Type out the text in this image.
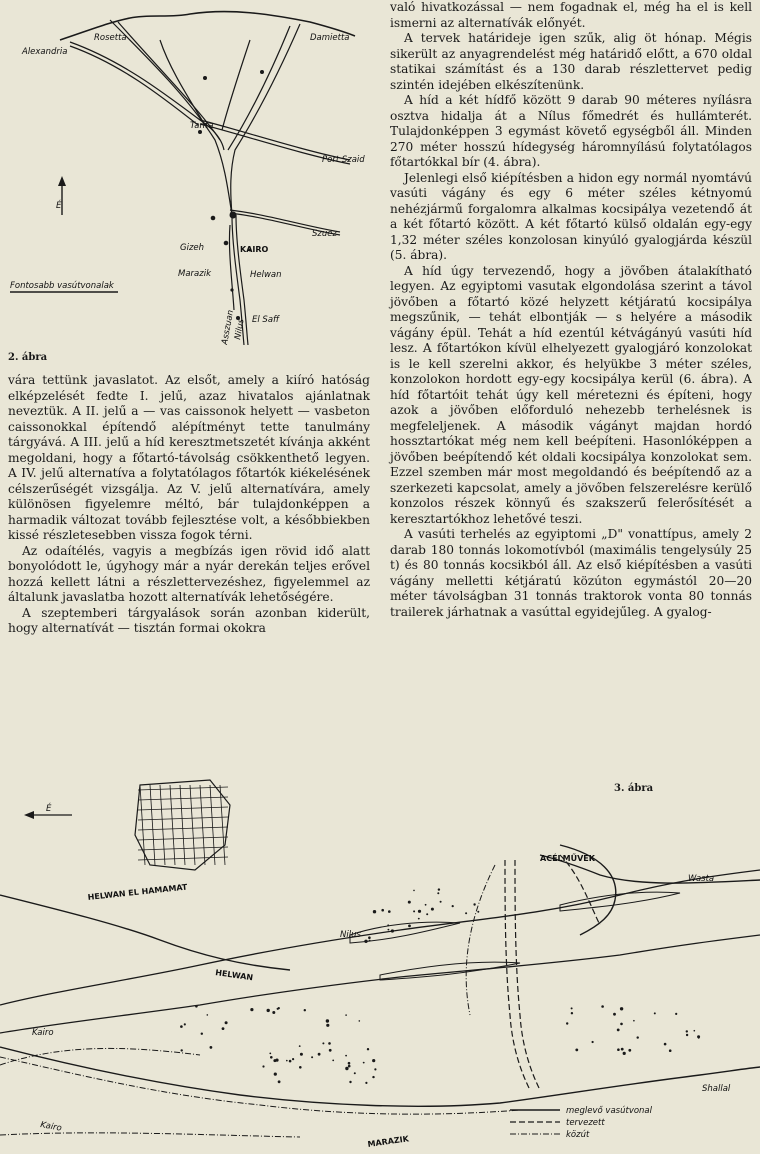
É
Rosetta
Alexandria
Damietta
Tanta
Port Szaid
Szuez
Gizeh	KAIRO
Marazik	Helwan
El Saff
Asszuan
Nilus
Fontosabb vasútvonalak
2. ábra

vára tettünk javaslatot. Az elsőt, amely a kiíró hatóság elképzelését fedte I. jelű, azaz hivatalos ajánlatnak neveztük. A II. jelű a — vas caissonok helyett — vasbeton caissonokkal építendő alépítményt tette tanulmány tárgyává. A III. jelű a híd keresztmetszetét kívánja akként megoldani, hogy a főtartó-távolság csökkenthető legyen. A IV. jelű alternatíva a folytatólagos főtartók kiékelésének célszerűségét vizsgálja. Az V. jelű alternatívára, amely különösen figyelemre méltó, bár tulajdonképpen a harmadik változat tovább fejlesztése volt, a későbbiekben kissé részletesebben vissza fogok térni.

Az odaítélés, vagyis a megbízás igen rövid idő alatt bonyolódott le, úgyhogy már a nyár derekán teljes erővel hozzá kellett látni a részlettervezéshez, figyelemmel az általunk javaslatba hozott alternatívák lehetőségére.

A szeptemberi tárgyalások során azonban kiderült, hogy alternatívát — tisztán formai okokra

való hivatkozással — nem fogadnak el, még ha el is kell ismerni az alternatívák előnyét.

A tervek határideje igen szűk, alig öt hónap. Mégis sikerült az anyagrendelést még határidő előtt, a 670 oldal statikai számítást és a 130 darab részlettervet pedig szintén idejében elkészítenünk.

A híd a két hídfő között 9 darab 90 méteres nyílásra osztva hidalja át a Nílus főmedrét és hullámterét. Tulajdonképpen 3 egymást követő egységből áll. Minden 270 méter hosszú hídegység háromnyílású folytatólagos főtartókkal bír (4. ábra).

Jelenlegi első kiépítésben a hidon egy normál nyomtávú vasúti vágány és egy 6 méter széles kétnyomú nehézjármű forgalomra alkalmas kocsipálya vezetendő át a két főtartó között. A két főtartó külső oldalán egy-egy 1,32 méter széles konzolosan kinyúló gyalogjárda készül (5. ábra).

A híd úgy tervezendő, hogy a jövőben átalakítható legyen. Az egyiptomi vasutak elgondolása szerint a távol jövőben a főtartó közé helyzett kétjáratú kocsipálya megszűnik, — tehát elbontják — s helyére a második vágány épül. Tehát a híd ezentúl kétvágányú vasúti híd lesz. A főtartókon kívül elhelyezett gyalogjáró konzolokat is le kell szerelni akkor, és helyükbe 3 méter széles, konzolokon hordott egy-egy kocsipálya kerül (6. ábra). A híd főtartóit tehát úgy kell méretezni és építeni, hogy azok a jövőben előforduló nehezebb terhelésnek is megfeleljenek. A második vágányt majdan hordó hossztartókat még nem kell beépíteni. Hasonlóképpen a jövőben beépítendő két oldali kocsipálya konzolokat sem. Ezzel szemben már most megoldandó és beépítendő az a szerkezeti kapcsolat, amely a jövőben felszerelésre kerülő konzolos részek könnyű és szakszerű felerősítését a keresztartókhoz lehetővé teszi.

A vasúti terhelés az egyiptomi „D" vonattípus, amely 2 darab 180 tonnás lokomotívból (maximális tengelysúly 25 t) és 80 tonnás kocsikból áll. Az első kiépítésben a vasúti vágány melletti kétjáratú közúton egymástól 20—20 méter távolságban 31 tonnás traktorok vonta 80 tonnás trailerek járhatnak a vasúttal egyidejűleg. A gyalog-

3. ábra
É
HELWAN EL HAMAMAT
ACÉLMŰVEK
Wasta
HELWAN
Nilus
Kairo
Kairo
Shallal
MARAZIK
meglevő vasútvonal
tervezett
közút
